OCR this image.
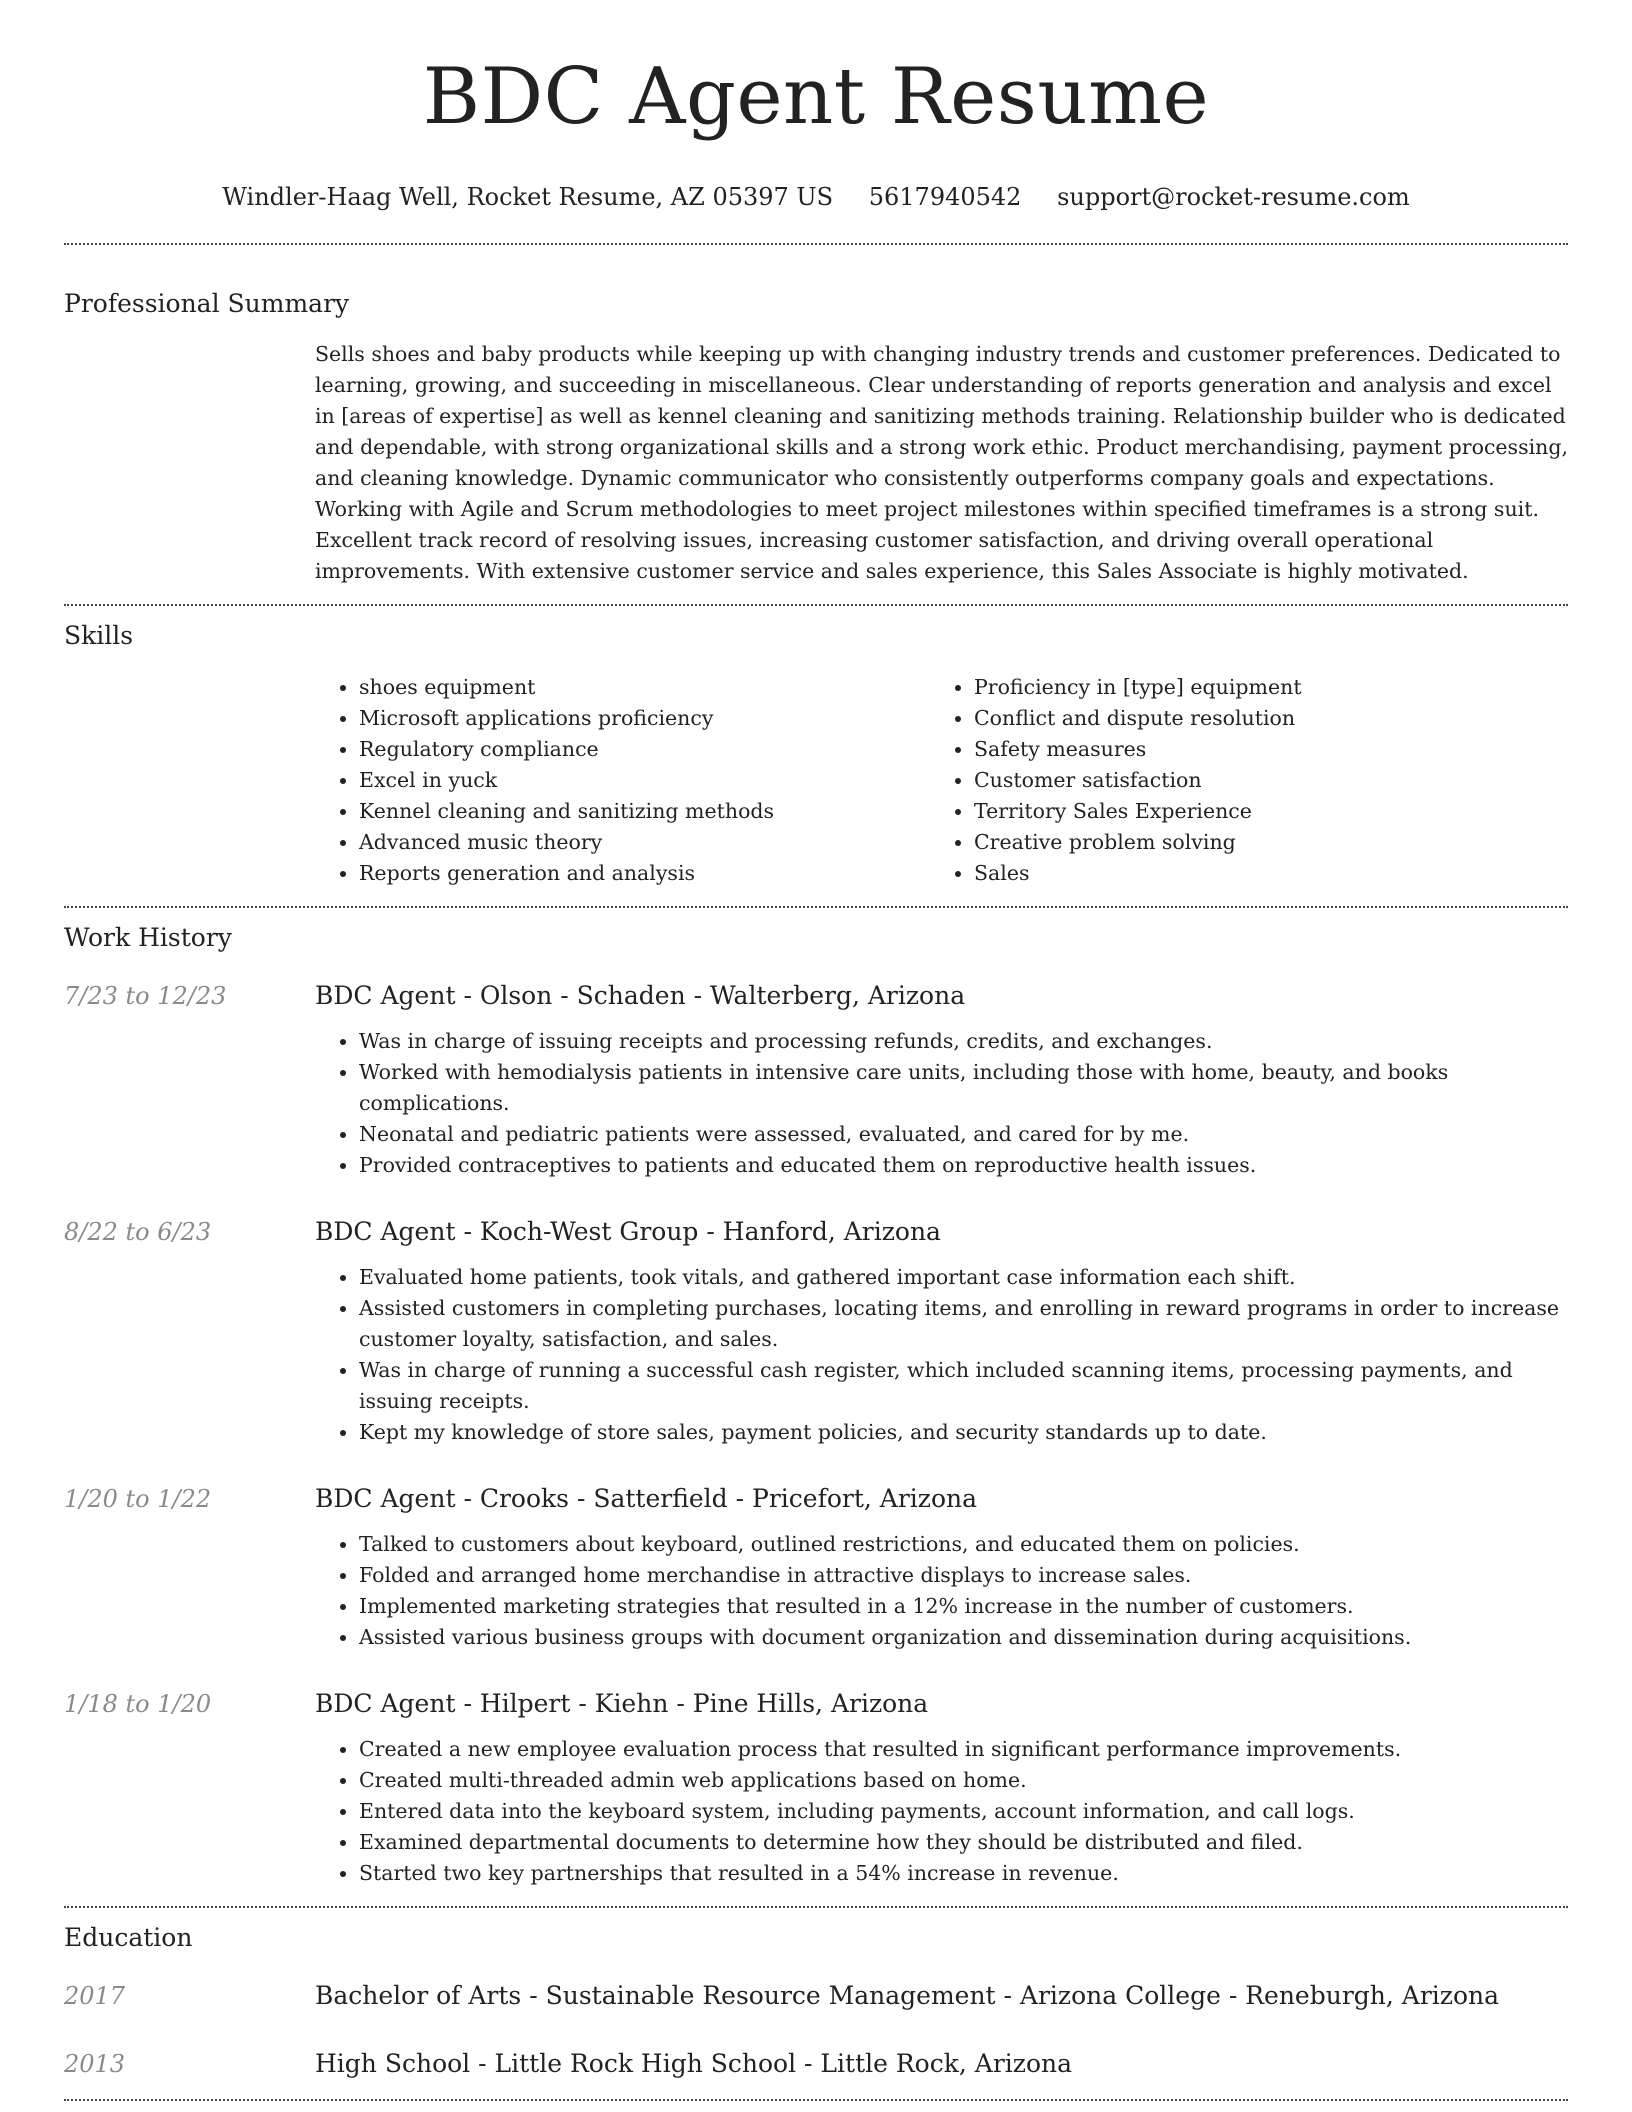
BDC Agent Resume
Windler-Haag Well, Rocket Resume, AZ 05397 US 5617940542 support@rocket-resume.com
Professional Summary

Sells shoes and baby products while keeping up with changing industry trends and customer preferences. Dedicated to learning, growing, and succeeding in miscellaneous. Clear understanding of reports generation and analysis and excel in [areas of expertise] as well as kennel cleaning and sanitizing methods training. Relationship builder who is dedicated and dependable, with strong organizational skills and a strong work ethic. Product merchandising, payment processing, and cleaning knowledge. Dynamic communicator who consistently outperforms company goals and expectations. Working with Agile and Scrum methodologies to meet project milestones within specified timeframes is a strong suit. Excellent track record of resolving issues, increasing customer satisfaction, and driving overall operational improvements. With extensive customer service and sales experience, this Sales Associate is highly motivated.

Skills
• shoes equipment
• Microsoft applications proficiency
• Regulatory compliance
• Excel in yuck
• Kennel cleaning and sanitizing methods
• Advanced music theory
• Reports generation and analysis
• Proficiency in [type] equipment
• Conflict and dispute resolution
• Safety measures
• Customer satisfaction
• Territory Sales Experience
• Creative problem solving
• Sales
Work History
7/23 to 12/23	BDC Agent - Olson - Schaden - Walterberg, Arizona
• Was in charge of issuing receipts and processing refunds, credits, and exchanges.
• Worked with hemodialysis patients in intensive care units, including those with home, beauty, and books complications.
• Neonatal and pediatric patients were assessed, evaluated, and cared for by me.
• Provided contraceptives to patients and educated them on reproductive health issues.
8/22 to 6/23	BDC Agent - Koch-West Group - Hanford, Arizona
• Evaluated home patients, took vitals, and gathered important case information each shift.
• Assisted customers in completing purchases, locating items, and enrolling in reward programs in order to increase customer loyalty, satisfaction, and sales.
• Was in charge of running a successful cash register, which included scanning items, processing payments, and issuing receipts.
• Kept my knowledge of store sales, payment policies, and security standards up to date.
1/20 to 1/22	BDC Agent - Crooks - Satterfield - Pricefort, Arizona
• Talked to customers about keyboard, outlined restrictions, and educated them on policies.
• Folded and arranged home merchandise in attractive displays to increase sales.
• Implemented marketing strategies that resulted in a 12% increase in the number of customers.
• Assisted various business groups with document organization and dissemination during acquisitions.
1/18 to 1/20	BDC Agent - Hilpert - Kiehn - Pine Hills, Arizona
• Created a new employee evaluation process that resulted in significant performance improvements.
• Created multi-threaded admin web applications based on home.
• Entered data into the keyboard system, including payments, account information, and call logs.
• Examined departmental documents to determine how they should be distributed and filed.
• Started two key partnerships that resulted in a 54% increase in revenue.
Education
2017	Bachelor of Arts - Sustainable Resource Management - Arizona College - Reneburgh, Arizona
2013	High School - Little Rock High School - Little Rock, Arizona
